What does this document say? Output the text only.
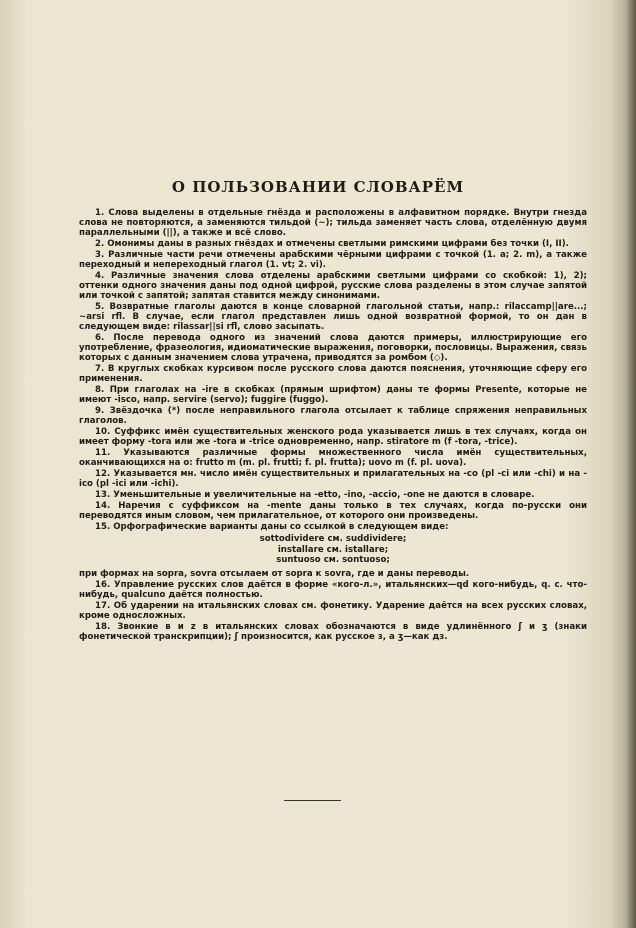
О ПОЛЬЗОВАНИИ СЛОВАРЁМ

1. Слова выделены в отдельные гнёзда и расположены в алфавитном порядке. Внутри гнезда слова не повторяются, а заменяются тильдой (~); тильда заменяет часть слова, отделённую двумя параллельными (||), а также и всё слово.

2. Омонимы даны в разных гнёздах и отмечены светлыми римскими цифрами без точки (I, II).

3. Различные части речи отмечены арабскими чёрными цифрами с точкой (1. a; 2. m), а также переходный и непереходный глагол (1. vt; 2. vi).

4. Различные значения слова отделены арабскими светлыми цифрами со скобкой: 1), 2); оттенки одного значения даны под одной цифрой, русские слова разделены в этом случае запятой или точкой с запятой; запятая ставится между синонимами.

5. Возвратные глаголы даются в конце словарной глагольной статьи, напр.: rilaccamp||are...; ~arsi rfl. В случае, если глагол представлен лишь одной возвратной формой, то он дан в следующем виде: rilassar||si rfl, слово засыпать.

6. После перевода одного из значений слова даются примеры, иллюстрирующие его употребление, фразеология, идиоматические выражения, поговорки, пословицы. Выражения, связь которых с данным значением слова утрачена, приводятся за ромбом (◇).

7. В круглых скобках курсивом после русского слова даются пояснения, уточняющие сферу его применения.

8. При глаголах на -ire в скобках (прямым шрифтом) даны те формы Presente, которые не имеют -isco, напр. servire (servo); fuggire (fuggo).

9. Звёздочка (*) после неправильного глагола отсылает к таблице спряжения неправильных глаголов.

10. Суффикс имён существительных женского рода указывается лишь в тех случаях, когда он имеет форму -tora или же -tora и -trice одновременно, напр. stiratore m (f -tora, -trice).

11. Указываются различные формы множественного числа имён существительных, оканчивающихся на о: frutto m (m. pl. frutti; f. pl. frutta); uovo m (f. pl. uova).

12. Указывается мн. число имён существительных и прилагательных на -co (pl -ci или -chi) и на -ico (pl -ici или -ichi).

13. Уменьшительные и увеличительные на -etto, -ino, -accio, -one не даются в словаре.

14. Наречия с суффиксом на -mente даны только в тех случаях, когда по-русски они переводятся иным словом, чем прилагательное, от которого они произведены.

15. Орфографические варианты даны со ссылкой в следующем виде:

sottodividere см. suddividere;
installare см. istallare;
suntuoso см. sontuoso;

при формах на sopra, sovra отсылаем от sopra к sovra, где и даны переводы.

16. Управление русских слов даётся в форме «кого-л.», итальянских—qd кого-нибудь, q. c. что-нибудь, qualcuno даётся полностью.

17. Об ударении на итальянских словах см. фонетику. Ударение даётся на всех русских словах, кроме односложных.

18. Звонкие в и z в итальянских словах обозначаются в виде удлинённого ʃ и ʒ (знаки фонетической транскрипции); ʃ произносится, как русское з, а ʒ—как дз.
